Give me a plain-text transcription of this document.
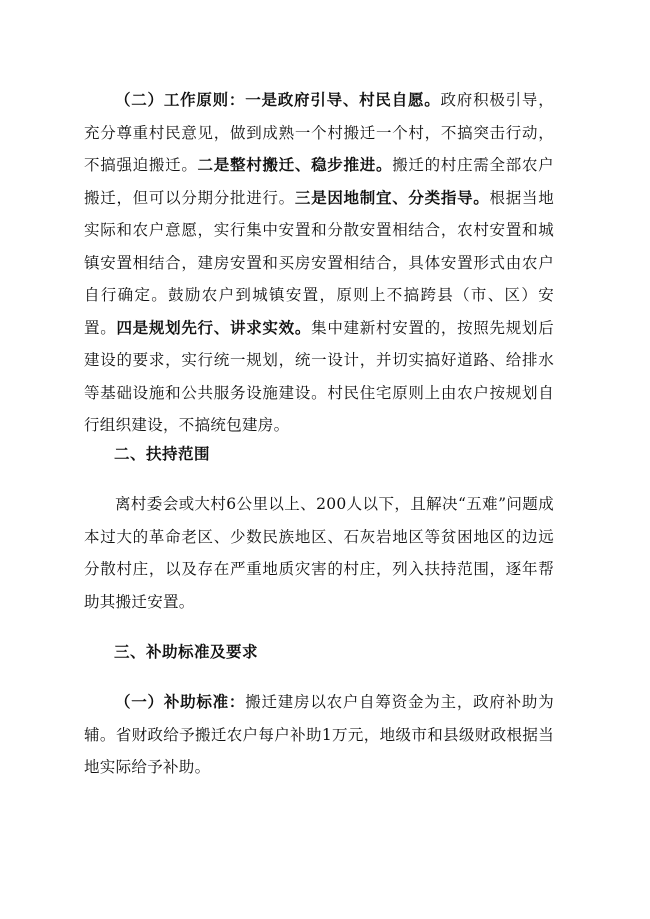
（二）工作原则：一是政府引导、村民自愿。政府积极引导，充分尊重村民意见，做到成熟一个村搬迁一个村，不搞突击行动，不搞强迫搬迁。二是整村搬迁、稳步推进。搬迁的村庄需全部农户搬迁，但可以分期分批进行。三是因地制宜、分类指导。根据当地实际和农户意愿，实行集中安置和分散安置相结合，农村安置和城镇安置相结合，建房安置和买房安置相结合，具体安置形式由农户自行确定。鼓励农户到城镇安置，原则上不搞跨县（市、区）安置。四是规划先行、讲求实效。集中建新村安置的，按照先规划后建设的要求，实行统一规划，统一设计，并切实搞好道路、给排水等基础设施和公共服务设施建设。村民住宅原则上由农户按规划自行组织建设，不搞统包建房。

二、扶持范围

离村委会或大村6公里以上、200人以下，且解决“五难”问题成本过大的革命老区、少数民族地区、石灰岩地区等贫困地区的边远分散村庄，以及存在严重地质灾害的村庄，列入扶持范围，逐年帮助其搬迁安置。

三、补助标准及要求

（一）补助标准：搬迁建房以农户自筹资金为主，政府补助为辅。省财政给予搬迁农户每户补助1万元，地级市和县级财政根据当地实际给予补助。
